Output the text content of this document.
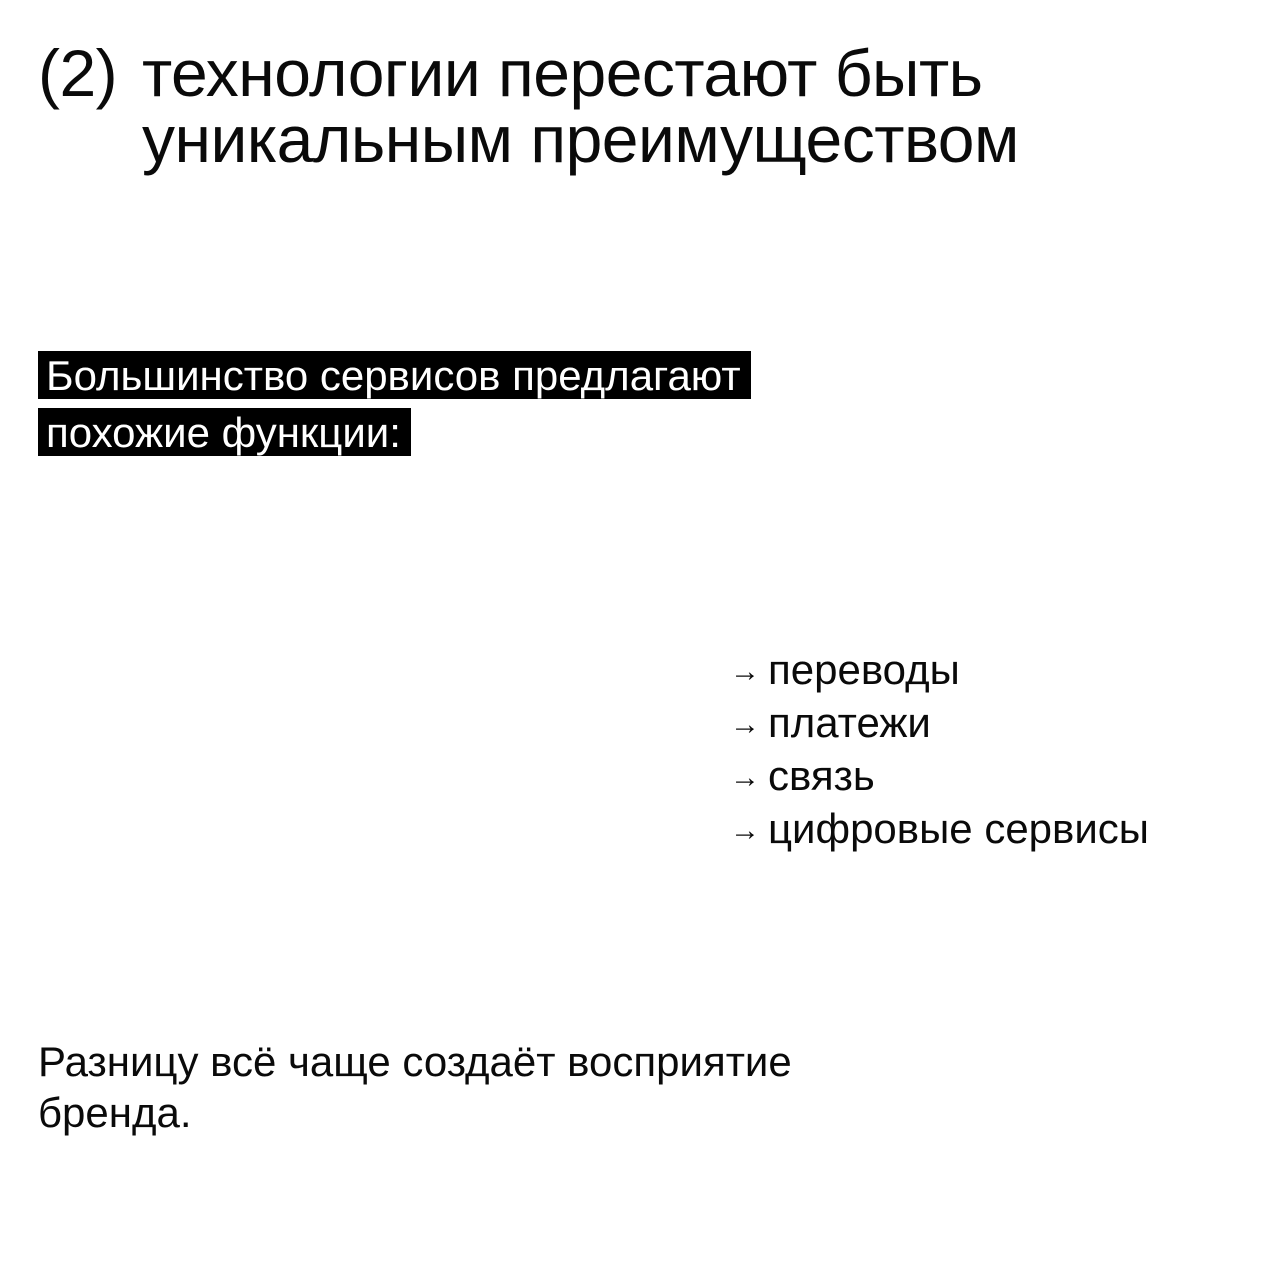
(2) технологии перестают быть
уникальным преимуществом
Большинство сервисов предлагают
похожие функции:
→ переводы
→ платежи
→ связь
→ цифровые сервисы
Разницу всё чаще создаёт восприятие
бренда.
